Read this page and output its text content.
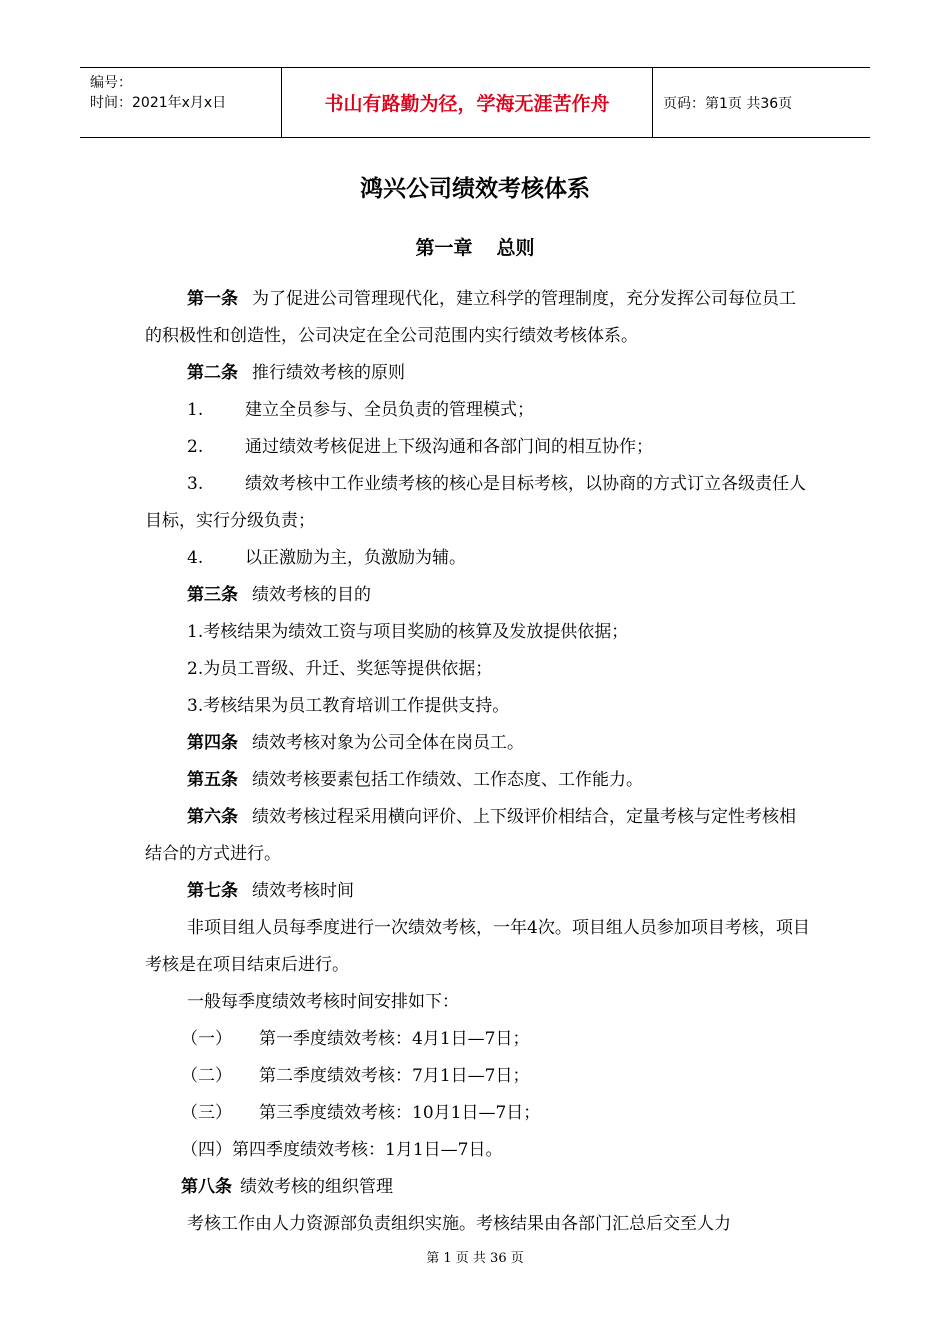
编号：
时间：2021年x月x日	书山有路勤为径，学海无涯苦作舟	页码：第1页 共36页
鸿兴公司绩效考核体系
第一章 总则

第一条 为了促进公司管理现代化，建立科学的管理制度，充分发挥公司每位员工的积极性和创造性，公司决定在全公司范围内实行绩效考核体系。

第二条 推行绩效考核的原则

1. 建立全员参与、全员负责的管理模式；

2. 通过绩效考核促进上下级沟通和各部门间的相互协作；

3. 绩效考核中工作业绩考核的核心是目标考核，以协商的方式订立各级责任人目标，实行分级负责；

4. 以正激励为主，负激励为辅。

第三条 绩效考核的目的

1.考核结果为绩效工资与项目奖励的核算及发放提供依据；

2.为员工晋级、升迁、奖惩等提供依据；

3.考核结果为员工教育培训工作提供支持。

第四条 绩效考核对象为公司全体在岗员工。

第五条 绩效考核要素包括工作绩效、工作态度、工作能力。

第六条 绩效考核过程采用横向评价、上下级评价相结合，定量考核与定性考核相结合的方式进行。

第七条 绩效考核时间

非项目组人员每季度进行一次绩效考核，一年4次。项目组人员参加项目考核，项目考核是在项目结束后进行。

一般每季度绩效考核时间安排如下：

（一） 第一季度绩效考核：4月1日—7日；

（二） 第二季度绩效考核：7月1日—7日；

（三） 第三季度绩效考核：10月1日—7日；

（四）第四季度绩效考核：1月1日—7日。

第八条 绩效考核的组织管理

考核工作由人力资源部负责组织实施。考核结果由各部门汇总后交至人力

第 1 页 共 36 页
